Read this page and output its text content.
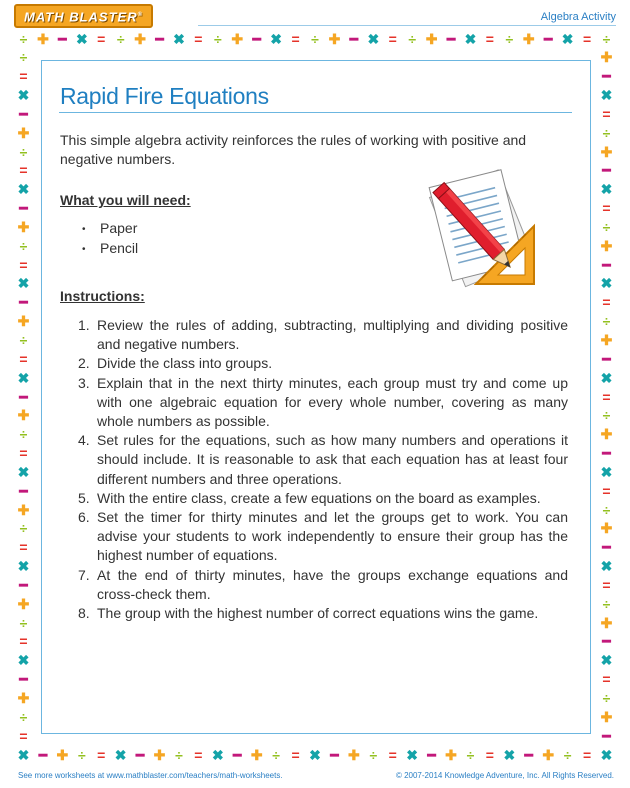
MATH BLASTER®	Algebra Activity
÷ ✚ ━ ✖ = ÷ ✚ ━ ✖ = ÷ ✚ ━ ✖ = ÷ ✚ ━ ✖ = ÷ ✚ ━ ✖ = ÷ ✚ ━ ✖ = ÷
✚
━
✖
=
÷
✚
━
✖
=
÷
✚
━
✖
=
÷
✚
━
✖
=
÷
✚
━
✖
=
÷
✚
━
✖
=
÷
✚
━
✖
=
÷
✚
━
✖
=
÷
✚
━
✖
=
÷
✚
━
✖
=
÷
✚
━
✖
=
÷
✚
━
✖
=
÷
✚
━
✖
=
÷
✚
━
✖
=
÷
✚
━
✖
=
÷
✚
━
✖
=
÷
✚
━
✖
=
÷
✚
━
✖
=
÷
✚
━
✖
=
÷
✚
━
✖
=
÷
✚
━
✖
=
÷
Rapid Fire Equations

This simple algebra activity reinforces the rules of working with positive and negative numbers.

What you will need:
• Paper
• Pencil
Instructions:
1. Review the rules of adding, subtracting, multiplying and dividing positive and negative numbers.
2. Divide the class into groups.
3. Explain that in the next thirty minutes, each group must try and come up with one algebraic equation for every whole number, covering as many whole numbers as possible.
4. Set rules for the equations, such as how many numbers and operations it should include. It is reasonable to ask that each equation has at least four different numbers and three operations.
5. With the entire class, create a few equations on the board as examples.
6. Set the timer for thirty minutes and let the groups get to work. You can advise your students to work independently to ensure their group has the highest number of equations.
7. At the end of thirty minutes, have the groups exchange equations and cross-check them.
8. The group with the highest number of correct equations wins the game.
See more worksheets at www.mathblaster.com/teachers/math-worksheets.	© 2007-2014 Knowledge Adventure, Inc. All Rights Reserved.
